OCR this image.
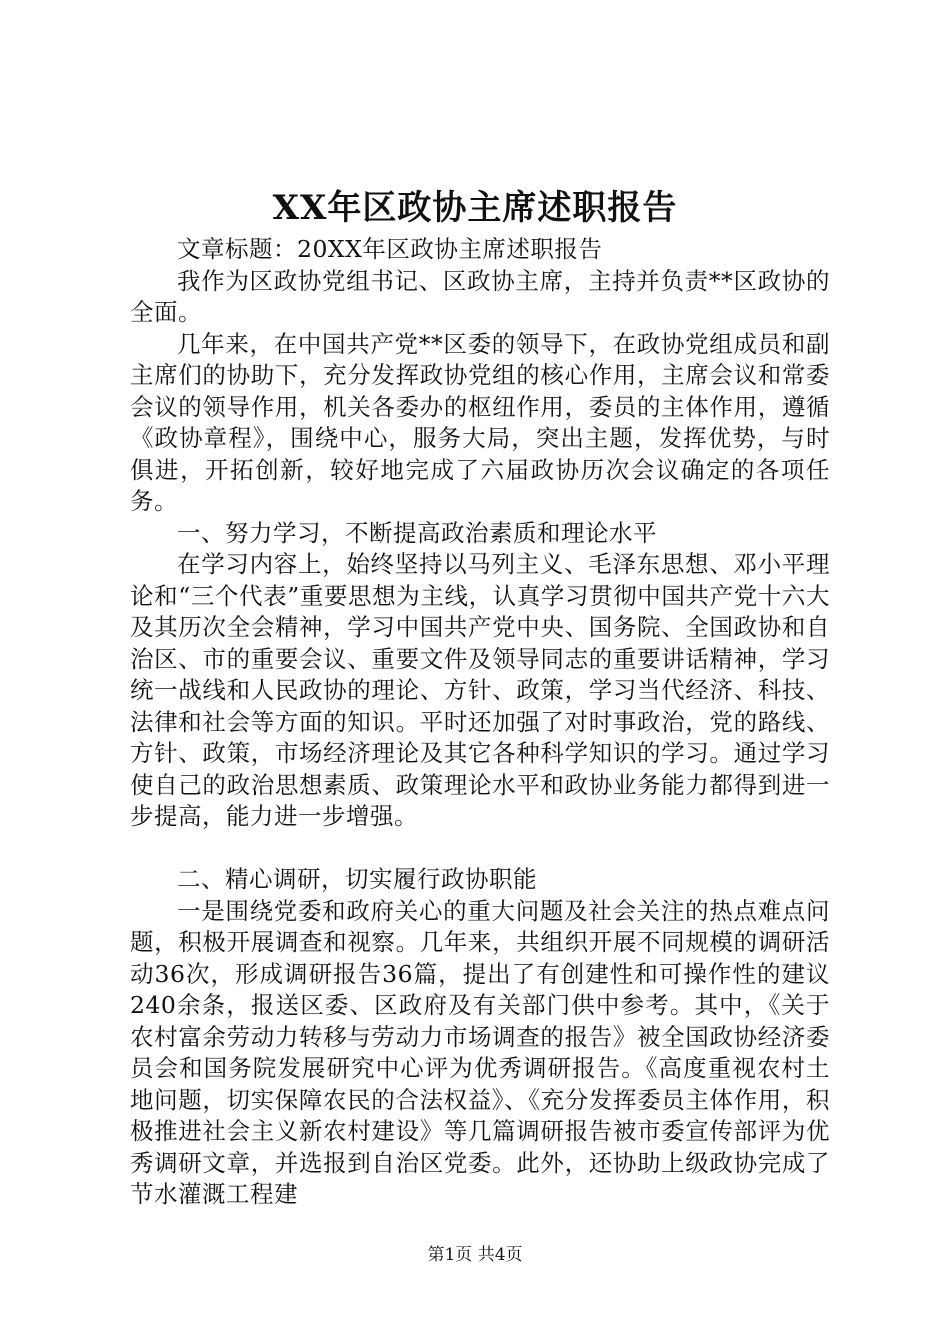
XX年区政协主席述职报告

文章标题：20XX年区政协主席述职报告

我作为区政协党组书记、区政协主席，主持并负责**区政协的全面。

几年来，在中国共产党**区委的领导下，在政协党组成员和副主席们的协助下，充分发挥政协党组的核心作用，主席会议和常委会议的领导作用，机关各委办的枢纽作用，委员的主体作用，遵循《政协章程》，围绕中心，服务大局，突出主题，发挥优势，与时俱进，开拓创新，较好地完成了六届政协历次会议确定的各项任务。

一、努力学习，不断提高政治素质和理论水平

在学习内容上，始终坚持以马列主义、毛泽东思想、邓小平理论和“三个代表”重要思想为主线，认真学习贯彻中国共产党十六大及其历次全会精神，学习中国共产党中央、国务院、全国政协和自治区、市的重要会议、重要文件及领导同志的重要讲话精神，学习统一战线和人民政协的理论、方针、政策，学习当代经济、科技、法律和社会等方面的知识。平时还加强了对时事政治，党的路线、方针、政策，市场经济理论及其它各种科学知识的学习。通过学习使自己的政治思想素质、政策理论水平和政协业务能力都得到进一步提高，能力进一步增强。

二、精心调研，切实履行政协职能

一是围绕党委和政府关心的重大问题及社会关注的热点难点问题，积极开展调查和视察。几年来，共组织开展不同规模的调研活动36次，形成调研报告36篇，提出了有创建性和可操作性的建议240余条，报送区委、区政府及有关部门供中参考。其中，《关于农村富余劳动力转移与劳动力市场调查的报告》被全国政协经济委员会和国务院发展研究中心评为优秀调研报告。《高度重视农村土地问题，切实保障农民的合法权益》、《充分发挥委员主体作用，积极推进社会主义新农村建设》等几篇调研报告被市委宣传部评为优秀调研文章，并选报到自治区党委。此外，还协助上级政协完成了节水灌溉工程建

第1页 共4页
